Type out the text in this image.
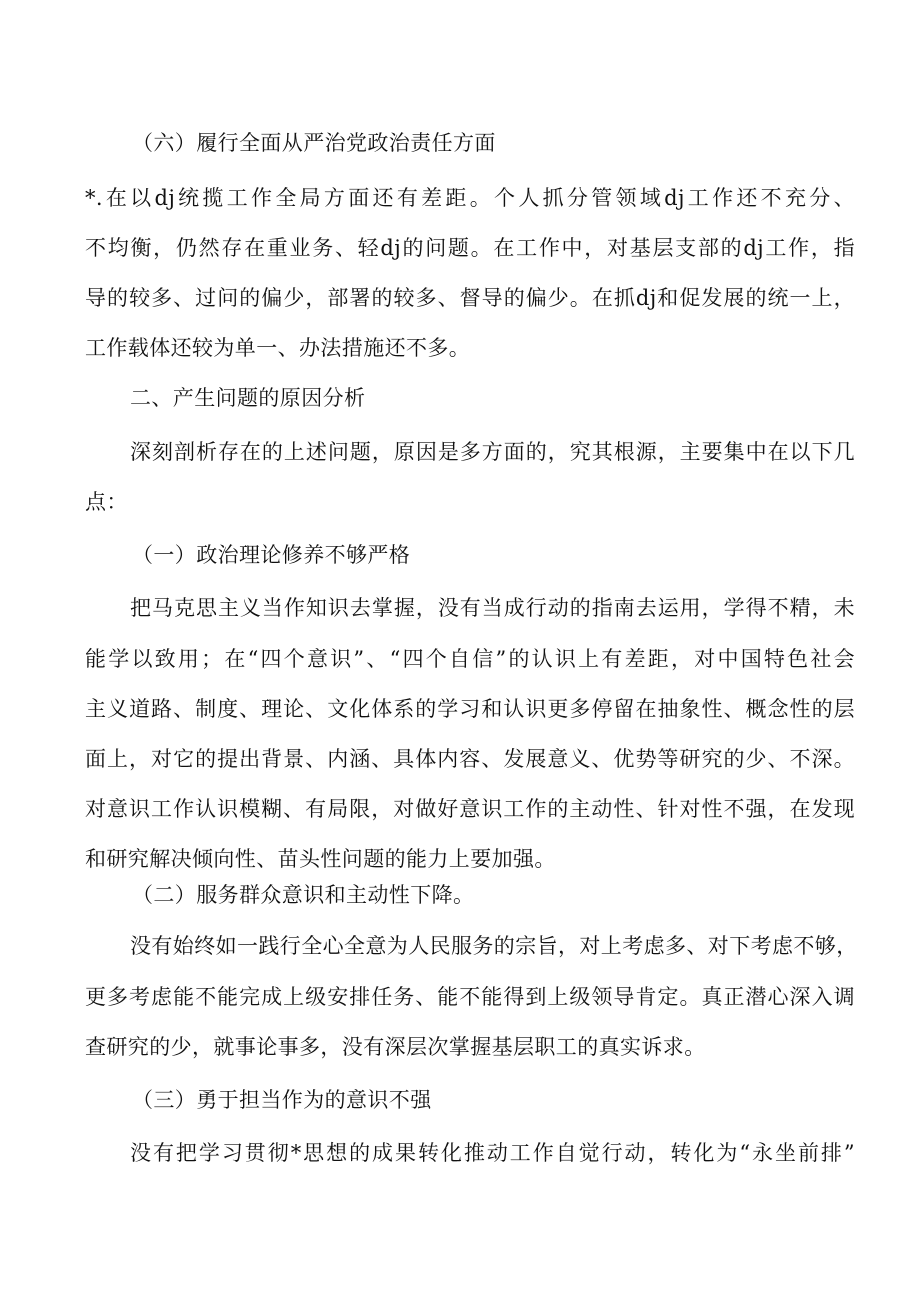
（六）履行全面从严治党政治责任方面
*.在以dj统揽工作全局方面还有差距。个人抓分管领域dj工作还不充分、
不均衡，仍然存在重业务、轻dj的问题。在工作中，对基层支部的dj工作，指
导的较多、过问的偏少，部署的较多、督导的偏少。在抓dj和促发展的统一上，
工作载体还较为单一、办法措施还不多。
二、产生问题的原因分析
深刻剖析存在的上述问题，原因是多方面的，究其根源，主要集中在以下几
点：
（一）政治理论修养不够严格
把马克思主义当作知识去掌握，没有当成行动的指南去运用，学得不精，未
能学以致用；在“四个意识”、“四个自信”的认识上有差距，对中国特色社会
主义道路、制度、理论、文化体系的学习和认识更多停留在抽象性、概念性的层
面上，对它的提出背景、内涵、具体内容、发展意义、优势等研究的少、不深。
对意识工作认识模糊、有局限，对做好意识工作的主动性、针对性不强，在发现
和研究解决倾向性、苗头性问题的能力上要加强。
（二）服务群众意识和主动性下降。
没有始终如一践行全心全意为人民服务的宗旨，对上考虑多、对下考虑不够，
更多考虑能不能完成上级安排任务、能不能得到上级领导肯定。真正潜心深入调
查研究的少，就事论事多，没有深层次掌握基层职工的真实诉求。
（三）勇于担当作为的意识不强
没有把学习贯彻*思想的成果转化推动工作自觉行动，转化为“永坐前排”
